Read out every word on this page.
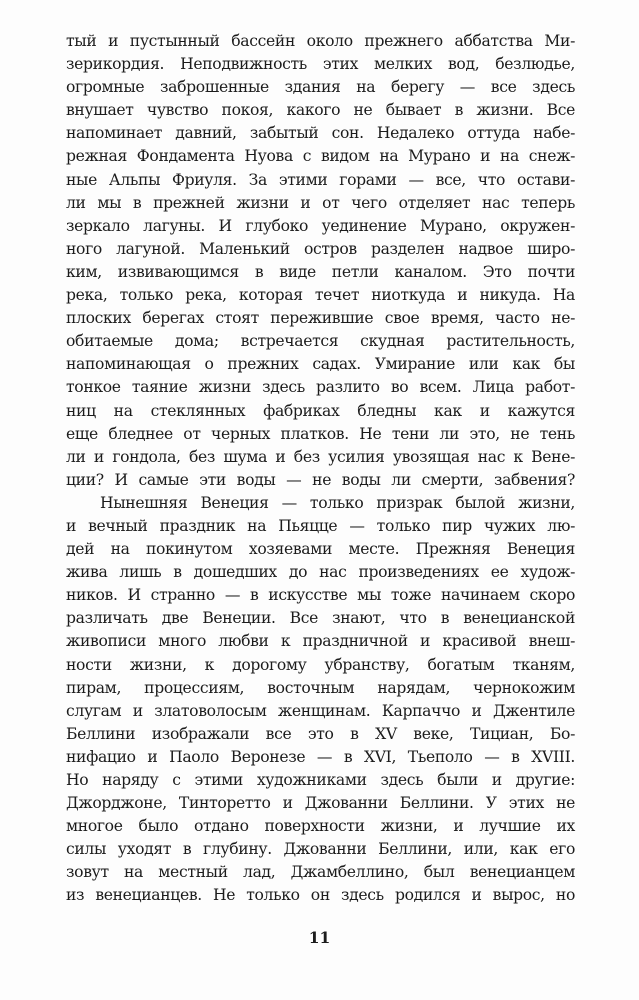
тый и пустынный бассейн около прежнего аббатства Ми-
зерикордия. Неподвижность этих мелких вод, безлюдье,
огромные заброшенные здания на берегу — все здесь
внушает чувство покоя, какого не бывает в жизни. Все
напоминает давний, забытый сон. Недалеко оттуда набе-
режная Фондамента Нуова с видом на Мурано и на снеж-
ные Альпы Фриуля. За этими горами — все, что остави-
ли мы в прежней жизни и от чего отделяет нас теперь
зеркало лагуны. И глубоко уединение Мурано, окружен-
ного лагуной. Маленький остров разделен надвое широ-
ким, извивающимся в виде петли каналом. Это почти
река, только река, которая течет ниоткуда и никуда. На
плоских берегах стоят пережившие свое время, часто не-
обитаемые дома; встречается скудная растительность,
напоминающая о прежних садах. Умирание или как бы
тонкое таяние жизни здесь разлито во всем. Лица работ-
ниц на стеклянных фабриках бледны как и кажутся
еще бледнее от черных платков. Не тени ли это, не тень
ли и гондола, без шума и без усилия увозящая нас к Вене-
ции? И самые эти воды — не воды ли смерти, забвения?
Нынешняя Венеция — только призрак былой жизни,
и вечный праздник на Пьяцце — только пир чужих лю-
дей на покинутом хозяевами месте. Прежняя Венеция
жива лишь в дошедших до нас произведениях ее худож-
ников. И странно — в искусстве мы тоже начинаем скоро
различать две Венеции. Все знают, что в венецианской
живописи много любви к праздничной и красивой внеш-
ности жизни, к дорогому убранству, богатым тканям,
пирам, процессиям, восточным нарядам, чернокожим
слугам и златоволосым женщинам. Карпаччо и Джентиле
Беллини изображали все это в XV веке, Тициан, Бо-
нифацио и Паоло Веронезе — в XVI, Тьеполо — в XVIII.
Но наряду с этими художниками здесь были и другие:
Джорджоне, Тинторетто и Джованни Беллини. У этих не
многое было отдано поверхности жизни, и лучшие их
силы уходят в глубину. Джованни Беллини, или, как его
зовут на местный лад, Джамбеллино, был венецианцем
из венецианцев. Не только он здесь родился и вырос, но
11
